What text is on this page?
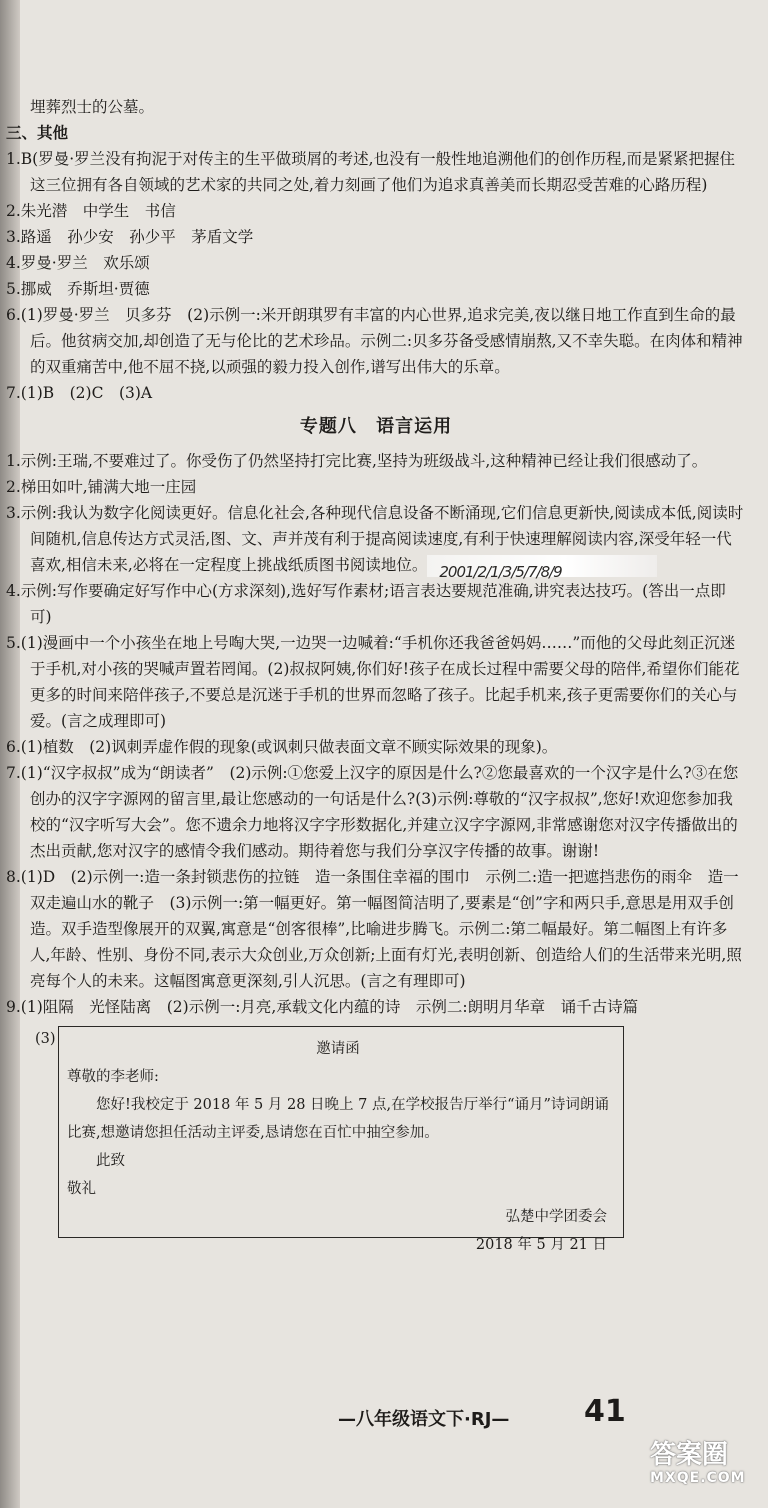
埋葬烈士的公墓。

三、其他

1.B(罗曼·罗兰没有拘泥于对传主的生平做琐屑的考述,也没有一般性地追溯他们的创作历程,而是紧紧把握住这三位拥有各自领域的艺术家的共同之处,着力刻画了他们为追求真善美而长期忍受苦难的心路历程)

2.朱光潜　中学生　书信

3.路遥　孙少安　孙少平　茅盾文学

4.罗曼·罗兰　欢乐颂

5.挪威　乔斯坦·贾德

6.(1)罗曼·罗兰　贝多芬　(2)示例一:米开朗琪罗有丰富的内心世界,追求完美,夜以继日地工作直到生命的最后。他贫病交加,却创造了无与伦比的艺术珍品。示例二:贝多芬备受感情崩熬,又不幸失聪。在肉体和精神的双重痛苦中,他不屈不挠,以顽强的毅力投入创作,谱写出伟大的乐章。

7.(1)B　(2)C　(3)A

专题八 语言运用

1.示例:王瑞,不要难过了。你受伤了仍然坚持打完比赛,坚持为班级战斗,这种精神已经让我们很感动了。

2.梯田如叶,铺满大地一庄园

3.示例:我认为数字化阅读更好。信息化社会,各种现代信息设备不断涌现,它们信息更新快,阅读成本低,阅读时间随机,信息传达方式灵活,图、文、声并茂有利于提高阅读速度,有利于快速理解阅读内容,深受年轻一代喜欢,相信未来,必将在一定程度上挑战纸质图书阅读地位。 2001/2/1/3/5/7/8/9

4.示例:写作要确定好写作中心(方求深刻),选好写作素材;语言表达要规范准确,讲究表达技巧。(答出一点即可)

5.(1)漫画中一个小孩坐在地上号啕大哭,一边哭一边喊着:“手机你还我爸爸妈妈……”而他的父母此刻正沉迷于手机,对小孩的哭喊声置若罔闻。(2)叔叔阿姨,你们好!孩子在成长过程中需要父母的陪伴,希望你们能花更多的时间来陪伴孩子,不要总是沉迷于手机的世界而忽略了孩子。比起手机来,孩子更需要你们的关心与爱。(言之成理即可)

6.(1)植数　(2)讽刺弄虚作假的现象(或讽刺只做表面文章不顾实际效果的现象)。

7.(1)“汉字叔叔”成为“朗读者”　(2)示例:①您爱上汉字的原因是什么?②您最喜欢的一个汉字是什么?③在您创办的汉字字源网的留言里,最让您感动的一句话是什么?(3)示例:尊敬的“汉字叔叔”,您好!欢迎您参加我校的“汉字听写大会”。您不遗余力地将汉字字形数据化,并建立汉字字源网,非常感谢您对汉字传播做出的杰出贡献,您对汉字的感情令我们感动。期待着您与我们分享汉字传播的故事。谢谢!

8.(1)D　(2)示例一:造一条封锁悲伤的拉链　造一条围住幸福的围巾　示例二:造一把遮挡悲伤的雨伞　造一双走遍山水的靴子　(3)示例一:第一幅更好。第一幅图简洁明了,要素是“创”字和两只手,意思是用双手创造。双手造型像展开的双翼,寓意是“创客很棒”,比喻进步腾飞。示例二:第二幅最好。第二幅图上有许多人,年龄、性别、身份不同,表示大众创业,万众创新;上面有灯光,表明创新、创造给人们的生活带来光明,照亮每个人的未来。这幅图寓意更深刻,引人沉思。(言之有理即可)

9.(1)阻隔　光怪陆离　(2)示例一:月亮,承载文化内蕴的诗　示例二:朗明月华章　诵千古诗篇

(3)

邀请函

尊敬的李老师:

您好!我校定于 2018 年 5 月 28 日晚上 7 点,在学校报告厅举行“诵月”诗词朗诵比赛,想邀请您担任活动主评委,恳请您在百忙中抽空参加。

此致

敬礼

弘楚中学团委会

2018 年 5 月 21 日

—八年级语文下·RJ— 41
答案圈
MXQE.COM
